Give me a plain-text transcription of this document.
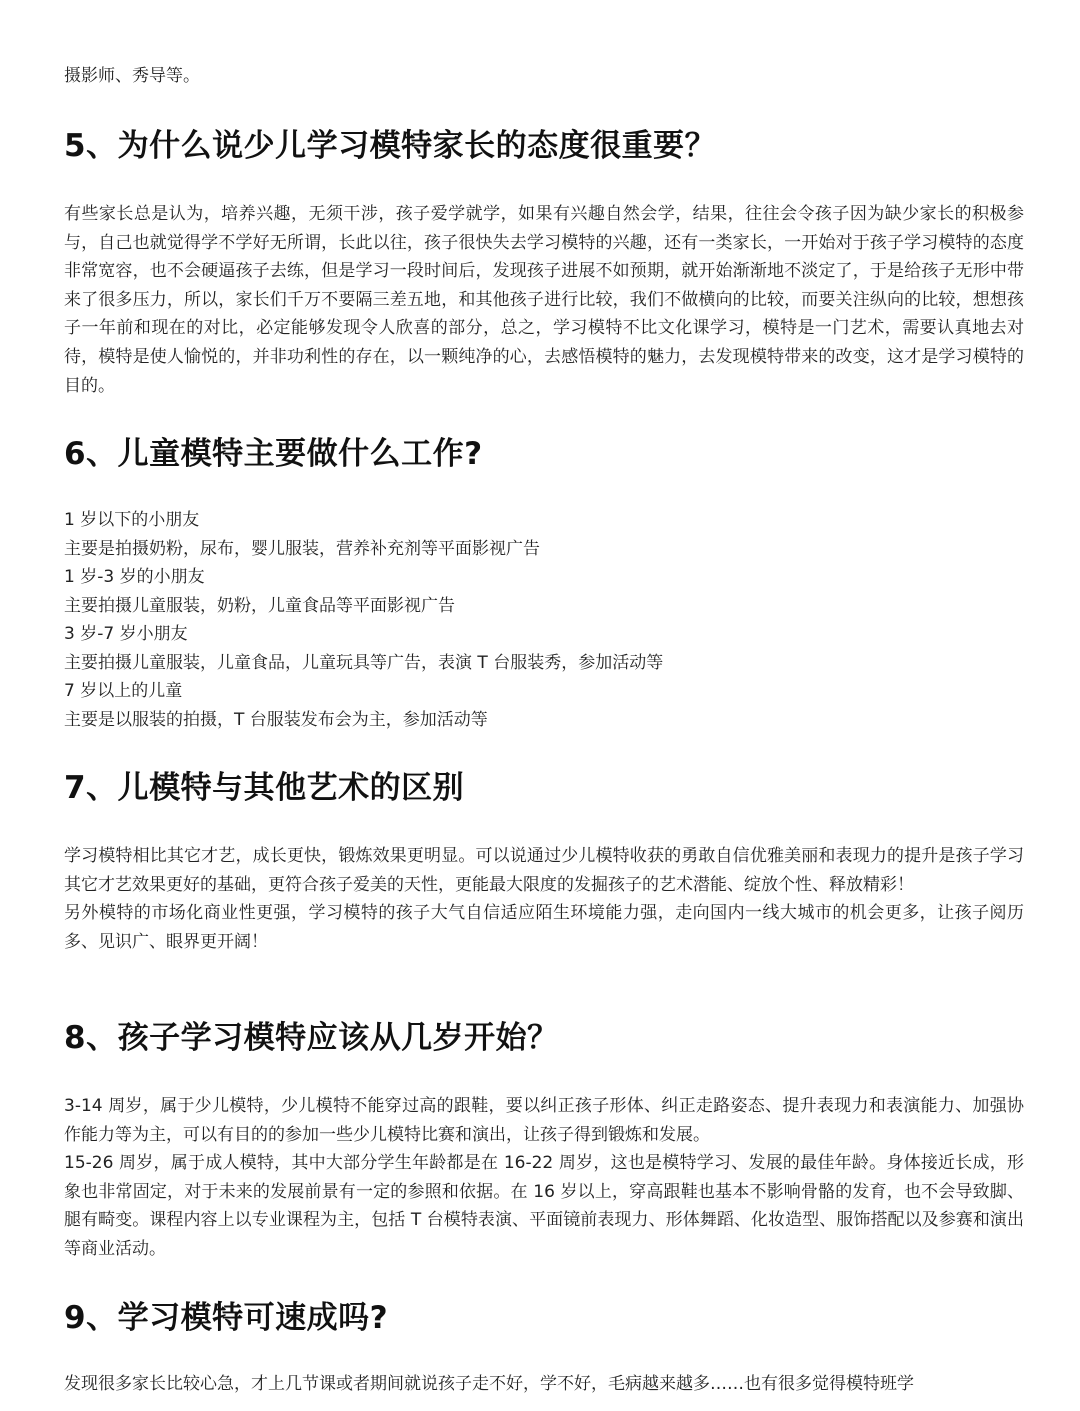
摄影师、秀导等。

5、为什么说少儿学习模特家长的态度很重要？

有些家长总是认为，培养兴趣，无须干涉，孩子爱学就学，如果有兴趣自然会学，结果，往往会令孩子因为缺少家长的积极参与，自己也就觉得学不学好无所谓，长此以往，孩子很快失去学习模特的兴趣，还有一类家长，一开始对于孩子学习模特的态度非常宽容，也不会硬逼孩子去练，但是学习一段时间后，发现孩子进展不如预期，就开始渐渐地不淡定了，于是给孩子无形中带来了很多压力，所以，家长们千万不要隔三差五地，和其他孩子进行比较，我们不做横向的比较，而要关注纵向的比较，想想孩子一年前和现在的对比，必定能够发现令人欣喜的部分，总之，学习模特不比文化课学习，模特是一门艺术，需要认真地去对待，模特是使人愉悦的，并非功利性的存在，以一颗纯净的心，去感悟模特的魅力，去发现模特带来的改变，这才是学习模特的目的。

6、儿童模特主要做什么工作?

1 岁以下的小朋友

主要是拍摄奶粉，尿布，婴儿服装，营养补充剂等平面影视广告

1 岁-3 岁的小朋友

主要拍摄儿童服装，奶粉，儿童食品等平面影视广告

3 岁-7 岁小朋友

主要拍摄儿童服装，儿童食品，儿童玩具等广告，表演 T 台服装秀，参加活动等

7 岁以上的儿童

主要是以服装的拍摄，T 台服装发布会为主，参加活动等

7、儿模特与其他艺术的区别

学习模特相比其它才艺，成长更快，锻炼效果更明显。可以说通过少儿模特收获的勇敢自信优雅美丽和表现力的提升是孩子学习其它才艺效果更好的基础，更符合孩子爱美的天性，更能最大限度的发掘孩子的艺术潜能、绽放个性、释放精彩！

另外模特的市场化商业性更强，学习模特的孩子大气自信适应陌生环境能力强，走向国内一线大城市的机会更多，让孩子阅历多、见识广、眼界更开阔！

8、孩子学习模特应该从几岁开始？

3-14 周岁，属于少儿模特，少儿模特不能穿过高的跟鞋，要以纠正孩子形体、纠正走路姿态、提升表现力和表演能力、加强协作能力等为主，可以有目的的参加一些少儿模特比赛和演出，让孩子得到锻炼和发展。

15-26 周岁，属于成人模特，其中大部分学生年龄都是在 16-22 周岁，这也是模特学习、发展的最佳年龄。身体接近长成，形象也非常固定，对于未来的发展前景有一定的参照和依据。在 16 岁以上，穿高跟鞋也基本不影响骨骼的发育，也不会导致脚、腿有畸变。课程内容上以专业课程为主，包括 T 台模特表演、平面镜前表现力、形体舞蹈、化妆造型、服饰搭配以及参赛和演出等商业活动。

9、学习模特可速成吗?

发现很多家长比较心急，才上几节课或者期间就说孩子走不好，学不好，毛病越来越多……也有很多觉得模特班学
